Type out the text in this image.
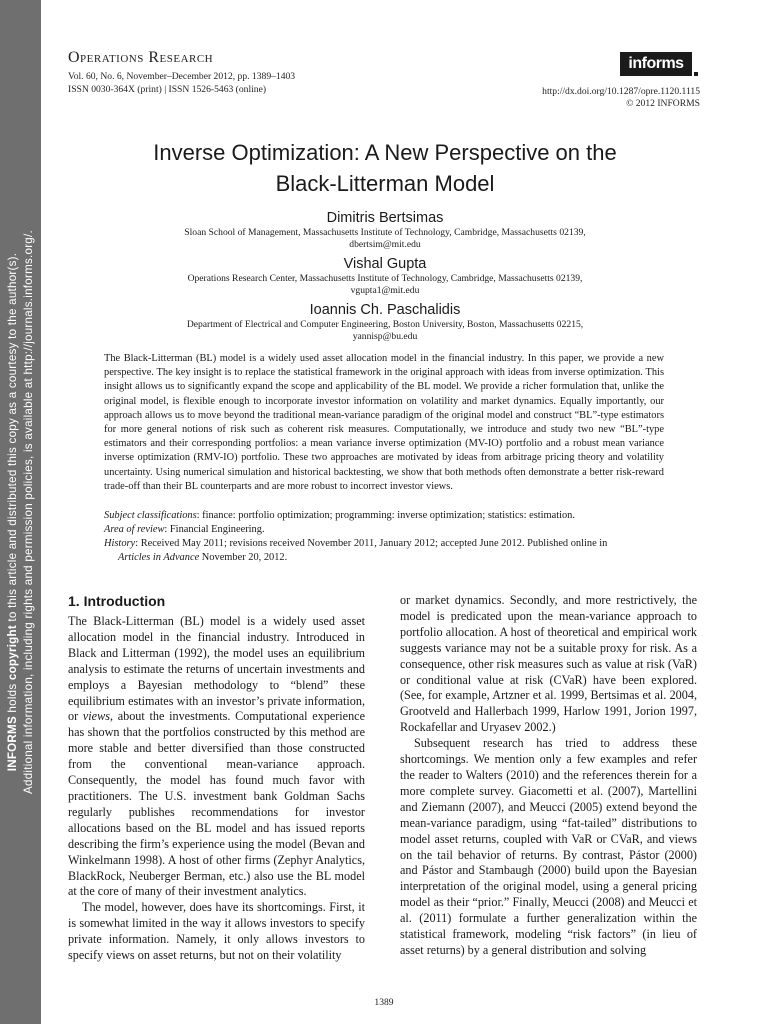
INFORMS holds copyright to this article and distributed this copy as a courtesy to the author(s). Additional information, including rights and permission policies, is available at http://journals.informs.org/.
Operations Research
Vol. 60, No. 6, November–December 2012, pp. 1389–1403
ISSN 0030-364X (print) | ISSN 1526-5463 (online)
informs
http://dx.doi.org/10.1287/opre.1120.1115
© 2012 INFORMS
Inverse Optimization: A New Perspective on the
Black-Litterman Model
Dimitris Bertsimas
Sloan School of Management, Massachusetts Institute of Technology, Cambridge, Massachusetts 02139,
dbertsim@mit.edu
Vishal Gupta
Operations Research Center, Massachusetts Institute of Technology, Cambridge, Massachusetts 02139,
vgupta1@mit.edu
Ioannis Ch. Paschalidis
Department of Electrical and Computer Engineering, Boston University, Boston, Massachusetts 02215,
yannisp@bu.edu

The Black-Litterman (BL) model is a widely used asset allocation model in the financial industry. In this paper, we provide a new perspective. The key insight is to replace the statistical framework in the original approach with ideas from inverse optimization. This insight allows us to significantly expand the scope and applicability of the BL model. We provide a richer formulation that, unlike the original model, is flexible enough to incorporate investor information on volatility and market dynamics. Equally importantly, our approach allows us to move beyond the traditional mean-variance paradigm of the original model and construct “BL”-type estimators for more general notions of risk such as coherent risk measures. Computationally, we introduce and study two new “BL”-type estimators and their corresponding portfolios: a mean variance inverse optimization (MV-IO) portfolio and a robust mean variance inverse optimization (RMV-IO) portfolio. These two approaches are motivated by ideas from arbitrage pricing theory and volatility uncertainty. Using numerical simulation and historical backtesting, we show that both methods often demonstrate a better risk-reward trade-off than their BL counterparts and are more robust to incorrect investor views.

Subject classifications: finance: portfolio optimization; programming: inverse optimization; statistics: estimation.
Area of review: Financial Engineering.
History: Received May 2011; revisions received November 2011, January 2012; accepted June 2012. Published online in
Articles in Advance November 20, 2012.
1. Introduction

The Black-Litterman (BL) model is a widely used asset allocation model in the financial industry. Introduced in Black and Litterman (1992), the model uses an equilibrium analysis to estimate the returns of uncertain investments and employs a Bayesian methodology to “blend” these equilibrium estimates with an investor’s private information, or views, about the investments. Computational experience has shown that the portfolios constructed by this method are more stable and better diversified than those constructed from the conventional mean-variance approach. Consequently, the model has found much favor with practitioners. The U.S. investment bank Goldman Sachs regularly publishes recommendations for investor allocations based on the BL model and has issued reports describing the firm’s experience using the model (Bevan and Winkelmann 1998). A host of other firms (Zephyr Analytics, BlackRock, Neuberger Berman, etc.) also use the BL model at the core of many of their investment analytics.

The model, however, does have its shortcomings. First, it is somewhat limited in the way it allows investors to specify private information. Namely, it only allows investors to specify views on asset returns, but not on their volatility

or market dynamics. Secondly, and more restrictively, the model is predicated upon the mean-variance approach to portfolio allocation. A host of theoretical and empirical work suggests variance may not be a suitable proxy for risk. As a consequence, other risk measures such as value at risk (VaR) or conditional value at risk (CVaR) have been explored. (See, for example, Artzner et al. 1999, Bertsimas et al. 2004, Grootveld and Hallerbach 1999, Harlow 1991, Jorion 1997, Rockafellar and Uryasev 2002.)

Subsequent research has tried to address these shortcomings. We mention only a few examples and refer the reader to Walters (2010) and the references therein for a more complete survey. Giacometti et al. (2007), Martellini and Ziemann (2007), and Meucci (2005) extend beyond the mean-variance paradigm, using “fat-tailed” distributions to model asset returns, coupled with VaR or CVaR, and views on the tail behavior of returns. By contrast, Pástor (2000) and Pástor and Stambaugh (2000) build upon the Bayesian interpretation of the original model, using a general pricing model as their “prior.” Finally, Meucci (2008) and Meucci et al. (2011) formulate a further generalization within the statistical framework, modeling “risk factors” (in lieu of asset returns) by a general distribution and solving

1389
